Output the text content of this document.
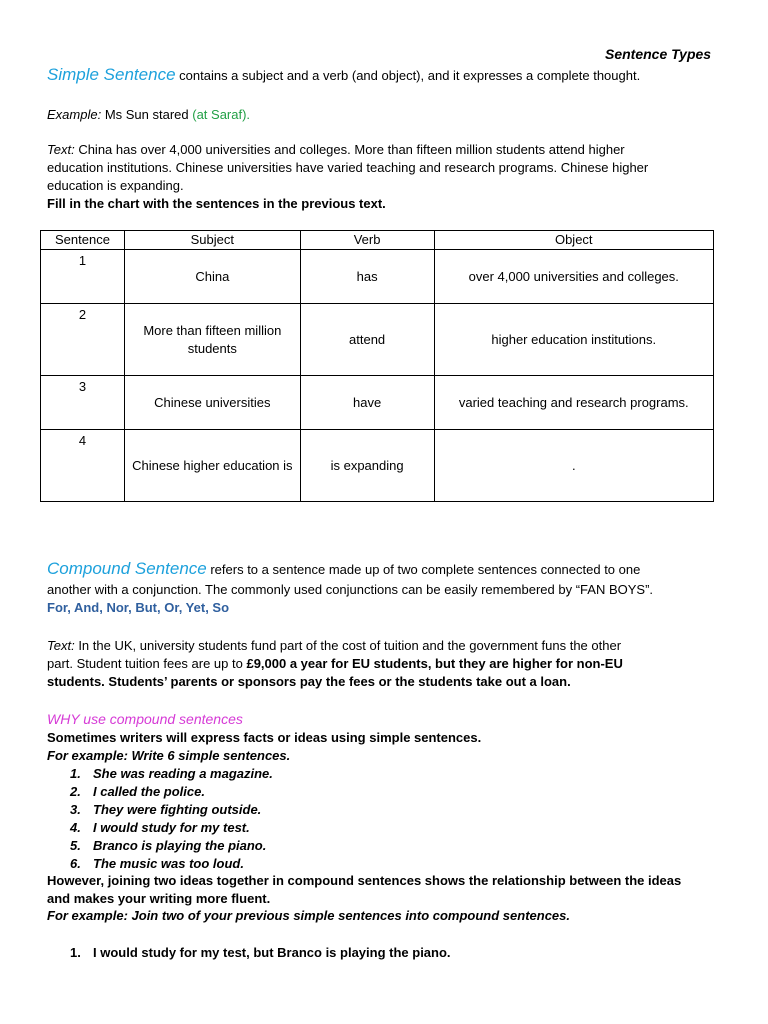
Sentence Types
Simple Sentence contains a subject and a verb (and object), and it expresses a complete thought.
Example: Ms Sun stared (at Saraf).
Text: China has over 4,000 universities and colleges. More than fifteen million students attend higher
education institutions. Chinese universities have varied teaching and research programs. Chinese higher
education is expanding.
Fill in the chart with the sentences in the previous text.
Sentence	Subject	Verb	Object
1	China	has	over 4,000 universities and colleges.
2	More than fifteen million students	attend	higher education institutions.
3	Chinese universities	have	varied teaching and research programs.
4	Chinese higher education is	is expanding	.
Compound Sentence refers to a sentence made up of two complete sentences connected to one
another with a conjunction. The commonly used conjunctions can be easily remembered by “FAN BOYS”.
For, And, Nor, But, Or, Yet, So
Text: In the UK, university students fund part of the cost of tuition and the government funs the other
part. Student tuition fees are up to £9,000 a year for EU students, but they are higher for non-EU
students. Students’ parents or sponsors pay the fees or the students take out a loan.
WHY use compound sentences
Sometimes writers will express facts or ideas using simple sentences.
For example: Write 6 simple sentences.
1. She was reading a magazine.
2. I called the police.
3. They were fighting outside.
4. I would study for my test.
5. Branco is playing the piano.
6. The music was too loud.
However, joining two ideas together in compound sentences shows the relationship between the ideas
and makes your writing more fluent.
For example: Join two of your previous simple sentences into compound sentences.
1. I would study for my test, but Branco is playing the piano.
